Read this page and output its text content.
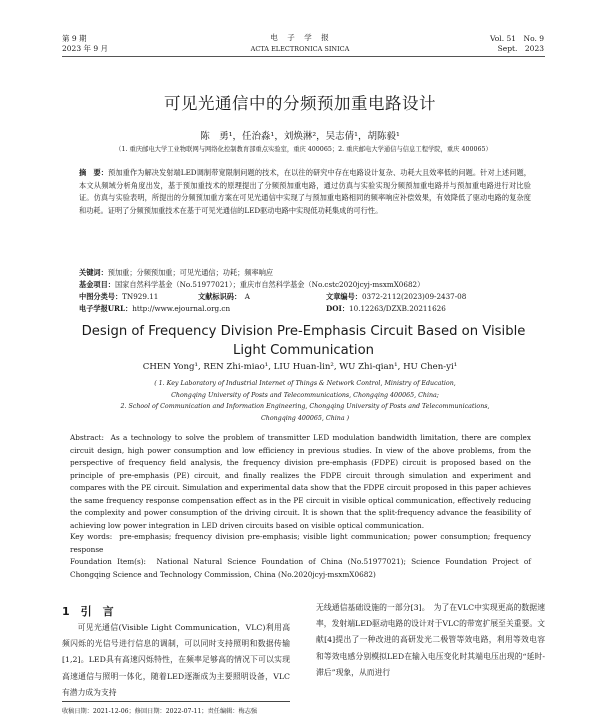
第 9 期
2023 年 9 月
电　子　学　报
ACTA ELECTRONICA SINICA
Vol. 51　No. 9
Sept.　2023
可见光通信中的分频预加重电路设计
陈　勇¹，任治淼¹，刘焕淋²，吴志倩¹，胡陈毅¹
（1. 重庆邮电大学工业物联网与网络化控制教育部重点实验室，重庆 400065；2. 重庆邮电大学通信与信息工程学院，重庆 400065）
摘　要：预加重作为解决发射端LED调制带宽限制问题的技术，在以往的研究中存在电路设计复杂、功耗大且效率低的问题。针对上述问题，本文从频域分析角度出发，基于预加重技术的原理提出了分频预加重电路，通过仿真与实验实现分频预加重电路并与预加重电路进行对比验证。仿真与实验表明，所提出的分频预加重方案在可见光通信中实现了与预加重电路相同的频率响应补偿效果，有效降低了驱动电路的复杂度和功耗。证明了分频预加重技术在基于可见光通信的LED驱动电路中实现低功耗集成的可行性。
关键词：预加重；分频预加重；可见光通信；功耗；频率响应
基金项目：国家自然科学基金（No.51977021）；重庆市自然科学基金（No.cstc2020jcyj-msxmX0682）
中图分类号：TN929.11	文献标识码：　 A	文章编号：0372-2112(2023)09-2437-08
电子学报URL：http://www.ejournal.org.cn	DOI：10.12263/DZXB.20211626
Design of Frequency Division Pre-Emphasis Circuit Based on Visible
Light Communication
CHEN Yong¹, REN Zhi-miao¹, LIU Huan-lin², WU Zhi-qian¹, HU Chen-yi¹
( 1. Key Laboratory of Industrial Internet of Things & Network Control, Ministry of Education,
Chongqing University of Posts and Telecommunications, Chongqing 400065, China;
2. School of Communication and Information Engineering, Chongqing University of Posts and Telecommunications,
Chongqing 400065, China )
Abstract: As a technology to solve the problem of transmitter LED modulation bandwidth limitation, there are complex circuit design, high power consumption and low efficiency in previous studies. In view of the above problems, from the perspective of frequency field analysis, the frequency division pre-emphasis (FDPE) circuit is proposed based on the principle of pre-emphasis (PE) circuit, and finally realizes the FDPE circuit through simulation and experiment and compares with the PE circuit. Simulation and experimental data show that the FDPE circuit proposed in this paper achieves the same frequency response compensation effect as in the PE circuit in visible optical communication, effectively reducing the complexity and power consumption of the driving circuit. It is shown that the split-frequency advance the feasibility of achieving low power integration in LED driven circuits based on visible optical communication.
Key words: pre-emphasis; frequency division pre-emphasis; visible light communication; power consumption; frequency response
Foundation Item(s): National Natural Science Foundation of China (No.51977021); Science Foundation Project of Chongqing Science and Technology Commission, China (No.2020jcyj-msxmX0682)
1　引　言
可见光通信(Visible Light Communication，VLC)利用高频闪烁的光信号进行信息的调制，可以同时支持照明和数据传输[1,2]。LED具有高速闪烁特性，在频率足够高的情况下可以实现高速通信与照明一体化，随着LED逐渐成为主要照明设备，VLC有潜力成为支持
无线通信基础设施的一部分[3]。　为了在VLC中实现更高的数据速率，发射端LED驱动电路的设计对于VLC的带宽扩展至关重要。文献[4]提出了一种改进的高研发光二极管等效电路，利用等效电容和等效电感分别模拟LED在输入电压变化时其端电压出现的“延时-滞后”现象，从而进行
收稿日期：2021-12-06；修回日期：2022-07-11；责任编辑：梅志强
